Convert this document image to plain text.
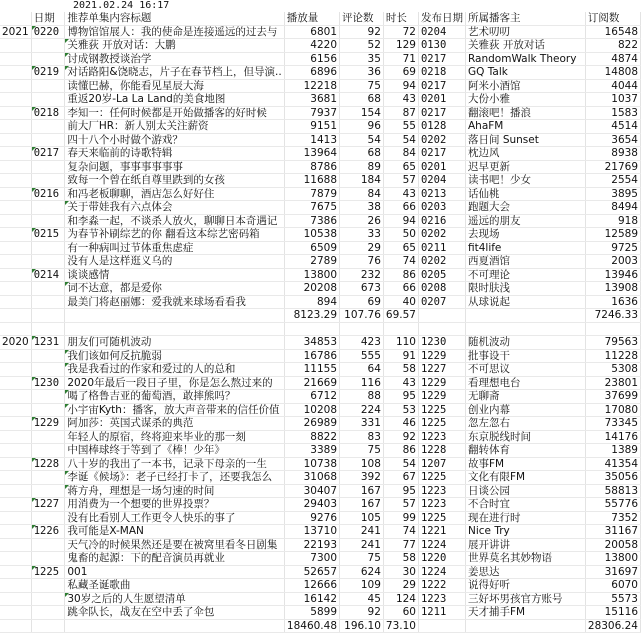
2021.02.24 16:17
	日期	推荐单集内容标题	播放量	评论数	时长	发布日期	所属播客主	订阅数
2021	0220	博物馆馆展人：我的使命是连接遥远的过去与	6801	92	72	0204	艺术叨叨	16548
		关雅荻 开放对话：大鹏	4220	52	129	0130	关雅荻 开放对话	822
		讨成钢教授谈治学	6156	35	71	0217	RandomWalk Theory	4874
	0219	对话路阳&饶晓志，片子在春节档上，但导演..	6896	36	69	0218	GQ Talk	14808
		读懂巴赫，你能看见星辰大海	12218	75	94	0217	阿米小酒馆	4044
		重返20岁-La La Land的美食地图	3681	68	43	0201	大份小雅	1037
	0218	李知一：任何时候都是开始做播客的好时候	7937	154	87	0217	翻滚吧！播浪	1583
		前大厂HR：新人别太关注薪资	9151	96	55	0128	AhaFM	4514
		四十八个小时做个游戏？	1413	54	54	0202	落日间 Sunset	3654
	0217	春天来临前的诗歌特辑	13964	68	84	0217	枕边风	8938
		复杂问题，事事事事事事	8786	89	65	0201	迟早更新	21769
		致每一个曾在纸自尊里跌到的女孩	11688	184	57	0204	读书吧！少女	2554
	0216	和冯老板聊聊，酒店怎么好好住	7879	84	43	0213	话仙桃	3895
		关于带娃我有六点体会	7675	38	66	0203	跑题大会	8494
		和李淼一起，不谈杀人放火，聊聊日本奇遇记	7386	26	94	0216	遥远的朋友	918
	0215	为春节补刷综艺的你 翻看这本综艺密码箱	10538	33	50	0202	去现场	12589
		有一种病叫过节体重焦虑症	6509	29	65	0211	fit4life	9725
		没有人是这样逛义乌的	2789	76	74	0202	西夏酒馆	2003
	0214	谈谈感情	13800	232	86	0205	不可理论	13946
		词不达意，都是爱你	20208	673	66	0208	限时肤浅	13908
		最美门将赵丽娜：爱我就来球场看看我	894	69	40	0207	从球说起	1636
			8123.29	107.76	69.57			7246.33

2020	1231	朋友们可随机波动	34853	423	110	1230	随机波动	79563
		我们该如何反抗脆弱	16786	555	91	1229	批事设干	11228
		我是我看过的作家和爱过的人的总和	11155	64	58	1227	不可思议	5308
	1230	2020年最后一段日子里，你是怎么熬过来的	21669	116	43	1229	看理想电台	23801
		喝了格鲁吉亚的葡萄酒，敢摔熊吗？	6712	88	95	1229	无聊斋	37699
		小宇宙Kyth：播客，放大声音带来的信任价值	10208	224	53	1225	创业内幕	17080
	1229	阿加莎：英国式谋杀的典范	26989	331	46	1225	忽左忽右	73345
		年轻人的原宿，终将迎来毕业的那一刻	8822	83	92	1223	东京脱线时间	14176
		中国棒球终于等到了《棒！少年》	3389	75	86	1228	翻转体育	1389
	1228	八十岁的我出了一本书，记录下母亲的一生	10738	108	54	1207	故事FM	41354
		李诞《候场》：老子已经打卡了，还要我怎么	31068	392	67	1225	文化有限FM	35056
		蒋方舟，理想是一场匀速的时间	30407	167	95	1223	日谈公园	58813
	1227	用消费为一个想要的世界投票？	29403	167	57	1223	不合时宜	55776
		没有比看别人工作更令人快乐的事了	9276	105	99	1225	现在进行时	7352
	1226	我可能是X-MAN	13710	241	74	1221	Nice Try	31167
		天气冷的时候果然还是要在被窝里看冬日剧集	22193	241	77	1224	展开讲讲	20058
		鬼畜的起源：下的配音演员再就业	7300	75	58	1220	世界莫名其妙物语	13800
	1225	001	52657	624	30	1224	姜思达	31697
		私藏圣诞歌曲	12666	109	29	1222	说得好听	6070
		30岁之后的人生愿望清单	16142	45	124	1223	三好坏男孩官方账号	5573
		跳伞队长，战友在空中丢了伞包	5899	92	60	1211	天才捕手FM	15116
			18460.48	196.10	73.10			28306.24
